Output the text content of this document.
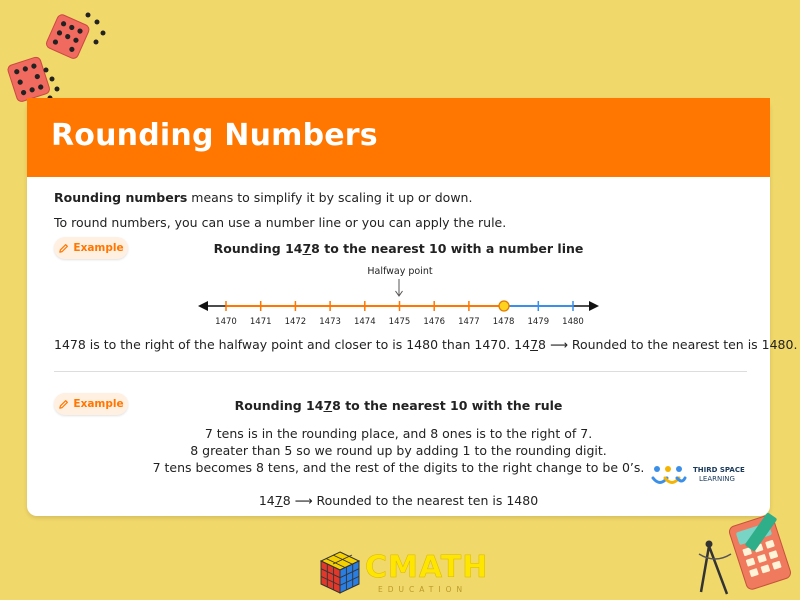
Rounding Numbers
Rounding numbers means to simplify it by scaling it up or down.
To round numbers, you can use a number line or you can apply the rule.
Example	Rounding 1478 to the nearest 10 with a number line
Halfway point
1470 1471 1472 1473 1474 1475 1476 1477 1478 1479 1480
1478 is to the right of the halfway point and closer to is 1480 than 1470. 1478 ⟶ Rounded to the nearest ten is 1480.
Example	Rounding 1478 to the nearest 10 with the rule
7 tens is in the rounding place, and 8 ones is to the right of 7.
8 greater than 5 so we round up by adding 1 to the rounding digit.
7 tens becomes 8 tens, and the rest of the digits to the right change to be 0’s.
1478 ⟶ Rounded to the nearest ten is 1480
THIRD SPACE
LEARNING
CMATH
EDUCATION
